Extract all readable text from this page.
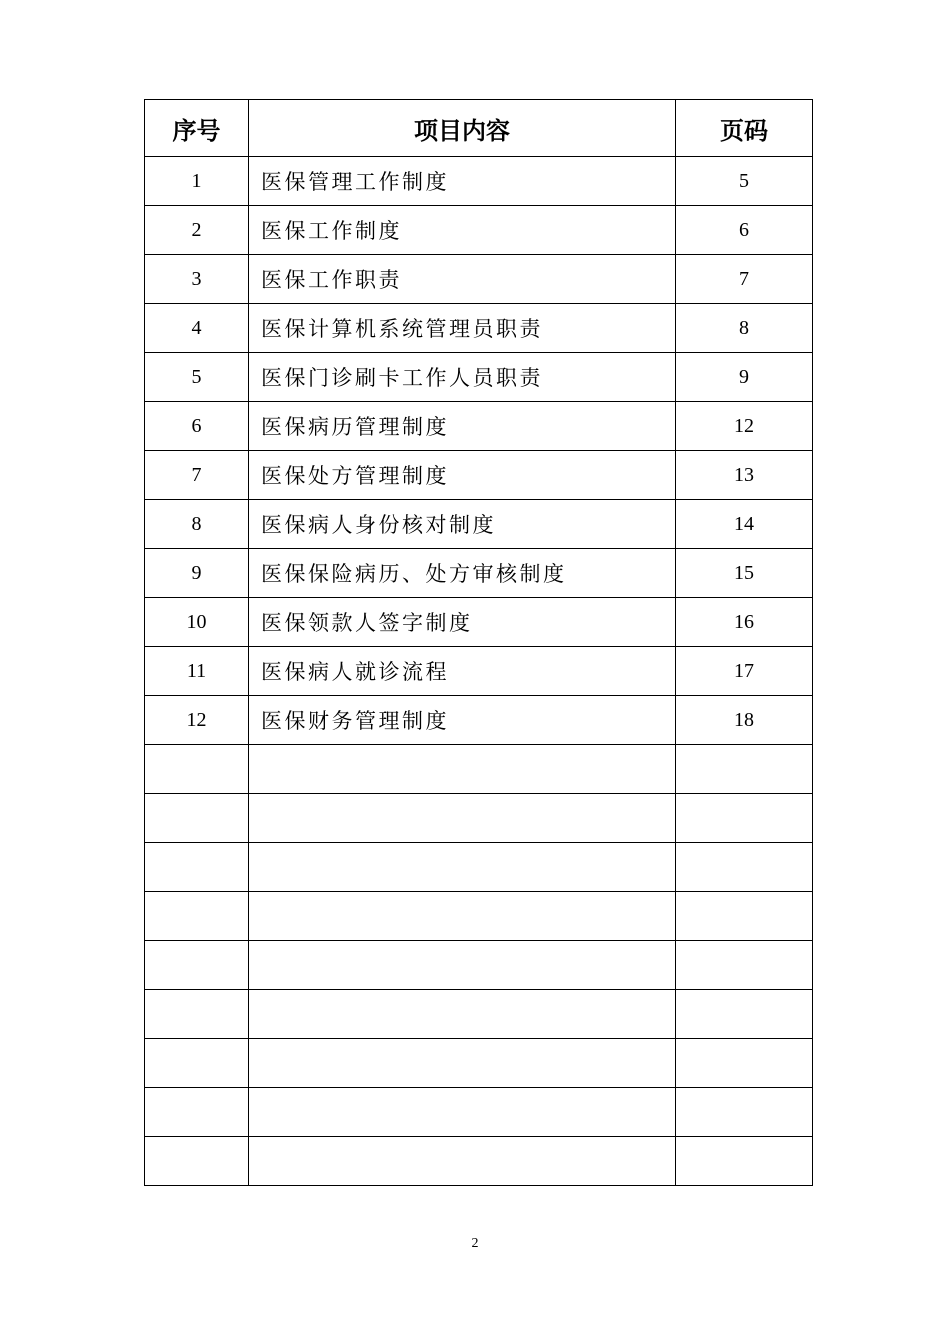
序号	项目内容	页码
1	医保管理工作制度	5
2	医保工作制度	6
3	医保工作职责	7
4	医保计算机系统管理员职责	8
5	医保门诊刷卡工作人员职责	9
6	医保病历管理制度	12
7	医保处方管理制度	13
8	医保病人身份核对制度	14
9	医保保险病历、处方审核制度	15
10	医保领款人签字制度	16
11	医保病人就诊流程	17
12	医保财务管理制度	18

2
